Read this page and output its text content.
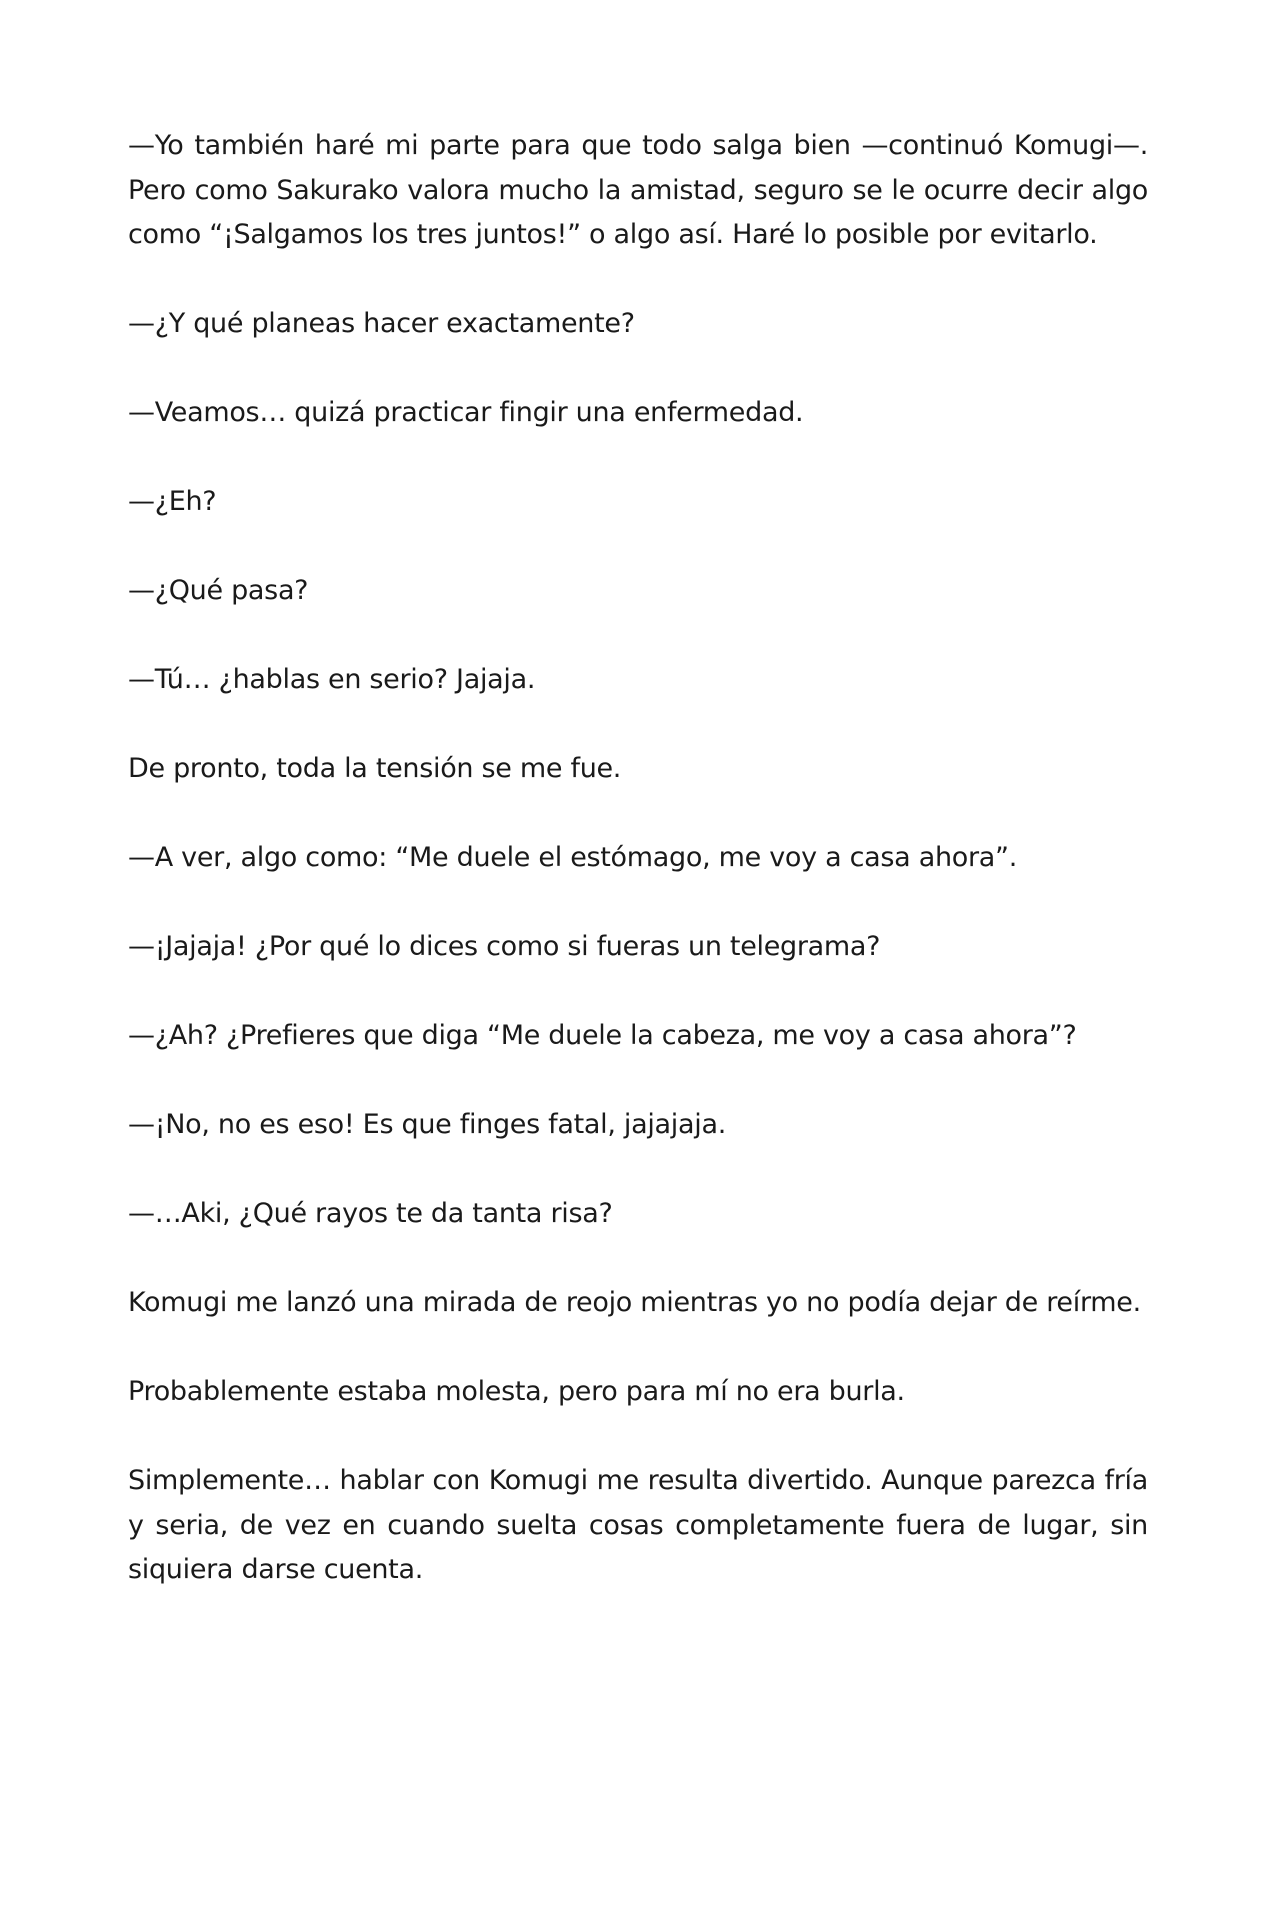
—Yo también haré mi parte para que todo salga bien —continuó Komugi—. Pero como Sakurako valora mucho la amistad, seguro se le ocurre decir algo como “¡Salgamos los tres juntos!” o algo así. Haré lo posible por evitarlo.

—¿Y qué planeas hacer exactamente?

—Veamos… quizá practicar fingir una enfermedad.

—¿Eh?

—¿Qué pasa?

—Tú… ¿hablas en serio? Jajaja.

De pronto, toda la tensión se me fue.

—A ver, algo como: “Me duele el estómago, me voy a casa ahora”.

—¡Jajaja! ¿Por qué lo dices como si fueras un telegrama?

—¿Ah? ¿Prefieres que diga “Me duele la cabeza, me voy a casa ahora”?

—¡No, no es eso! Es que finges fatal, jajajaja.

—…Aki, ¿Qué rayos te da tanta risa?

Komugi me lanzó una mirada de reojo mientras yo no podía dejar de reírme.

Probablemente estaba molesta, pero para mí no era burla.

Simplemente… hablar con Komugi me resulta divertido. Aunque parezca fría y seria, de vez en cuando suelta cosas completamente fuera de lugar, sin siquiera darse cuenta.
